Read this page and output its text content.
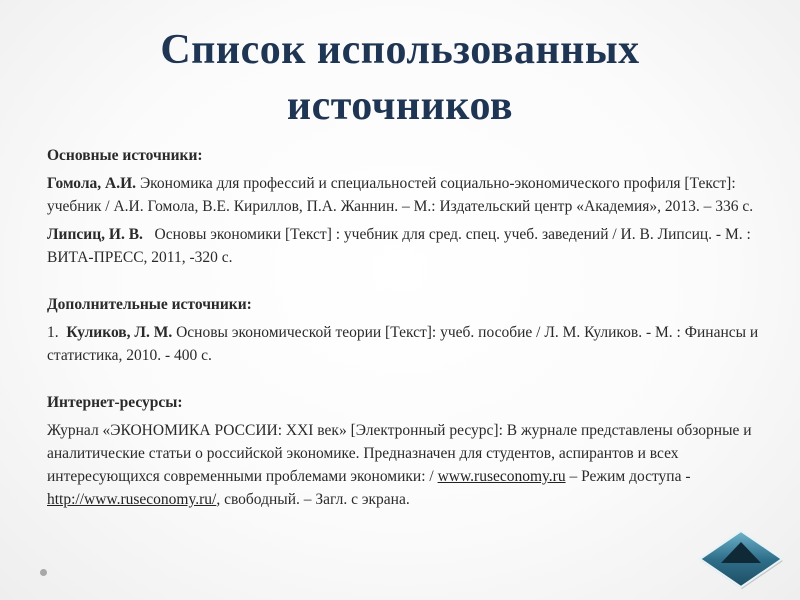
Список использованных
источников

Основные источники:

Гомола, А.И. Экономика для профессий и специальностей социально-экономического профиля [Текст]: учебник / А.И. Гомола, В.Е. Кириллов, П.А. Жаннин. – М.: Издательский центр «Академия», 2013. – 336 с.

Липсиц, И. В.   Основы экономики [Текст] : учебник для сред. спец. учеб. заведений / И. В. Липсиц. - М. : ВИТА-ПРЕСС, 2011, -320 с.

Дополнительные источники:

1.  Куликов, Л. М. Основы экономической теории [Текст]: учеб. пособие / Л. М. Куликов. - М. : Финансы и статистика, 2010. - 400 с.

Интернет-ресурсы:

Журнал «ЭКОНОМИКА РОССИИ: XXI век» [Электронный ресурс]: В журнале представлены обзорные и аналитические статьи о российской экономике. Предназначен для студентов, аспирантов и всех интересующихся современными проблемами экономики: / www.ruseconomy.ru – Режим доступа - http://www.ruseconomy.ru/, свободный. – Загл. с экрана.
